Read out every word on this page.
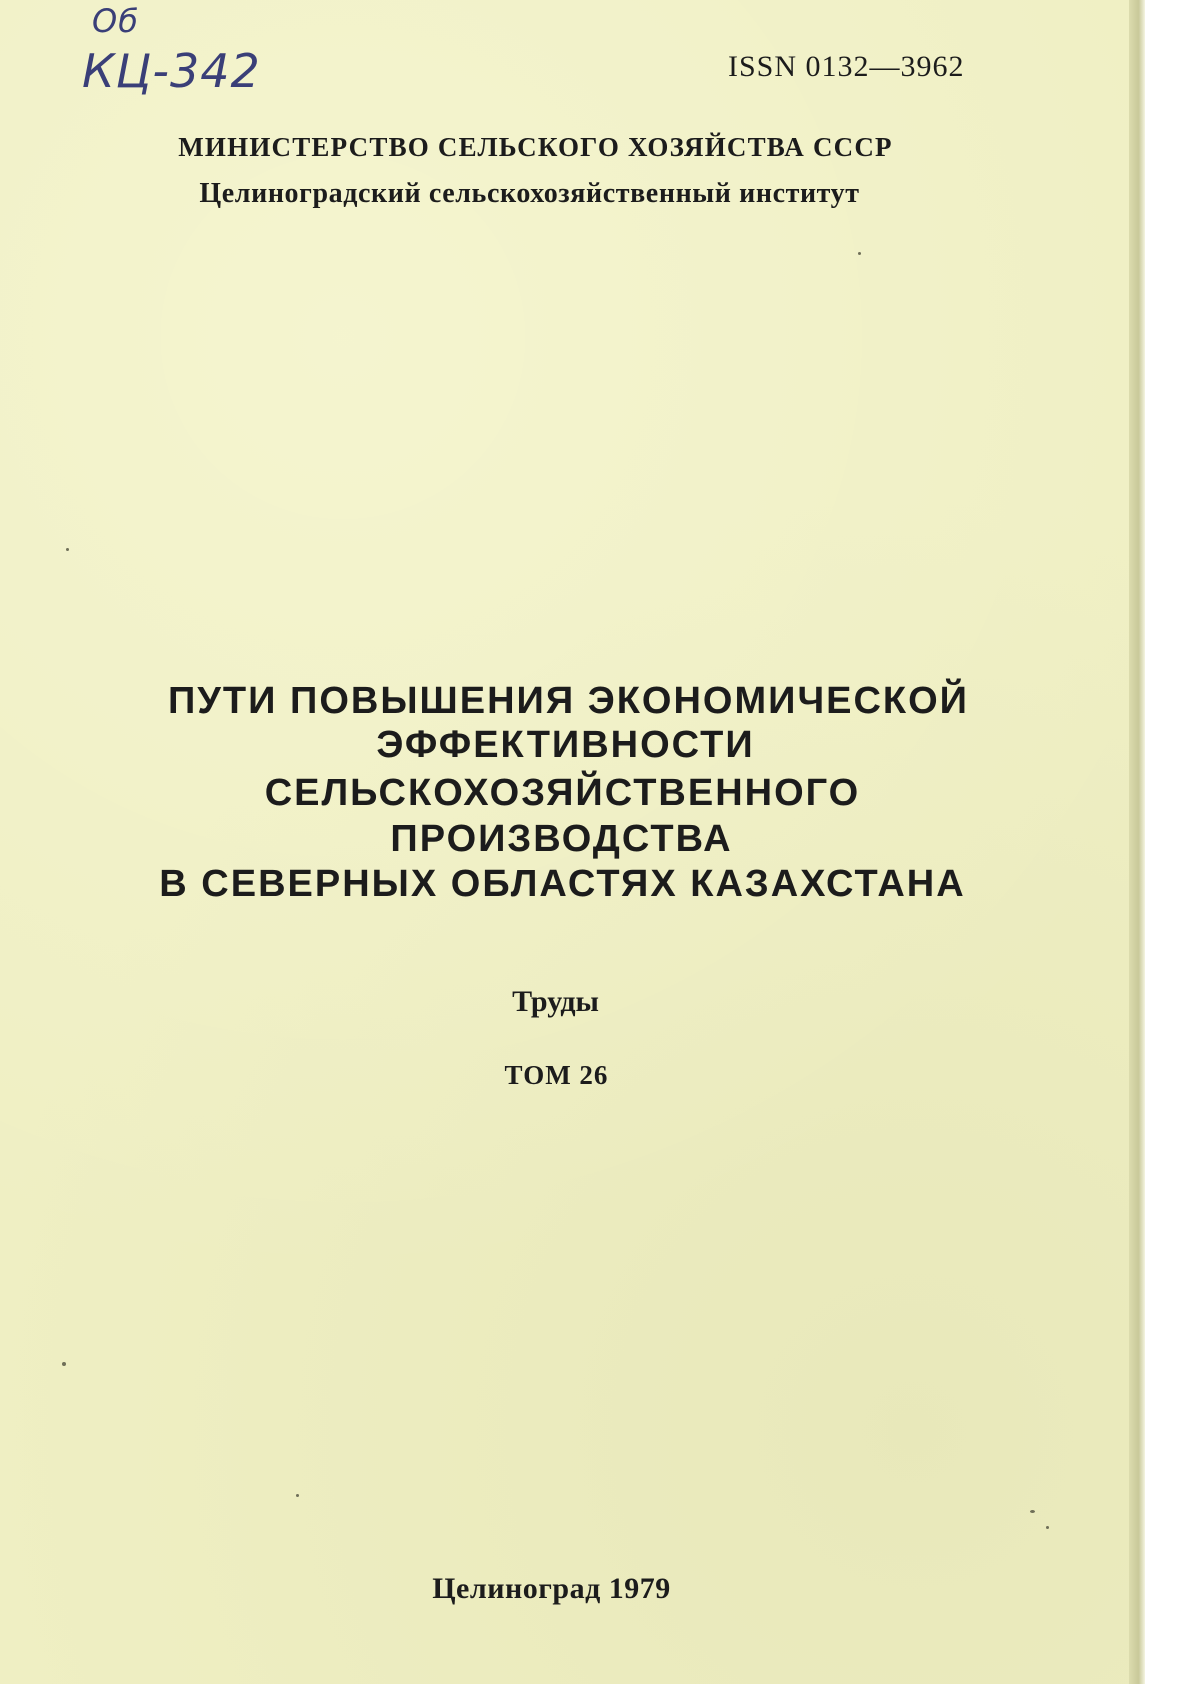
Об
КЦ-342	ISSN 0132—3962
МИНИСТЕРСТВО СЕЛЬСКОГО ХОЗЯЙСТВА СССР
Целиноградский сельскохозяйственный институт
ПУТИ ПОВЫШЕНИЯ ЭКОНОМИЧЕСКОЙ
ЭФФЕКТИВНОСТИ
СЕЛЬСКОХОЗЯЙСТВЕННОГО
ПРОИЗВОДСТВА
В СЕВЕРНЫХ ОБЛАСТЯХ КАЗАХСТАНА
Труды
ТОМ 26
Целиноград 1979
